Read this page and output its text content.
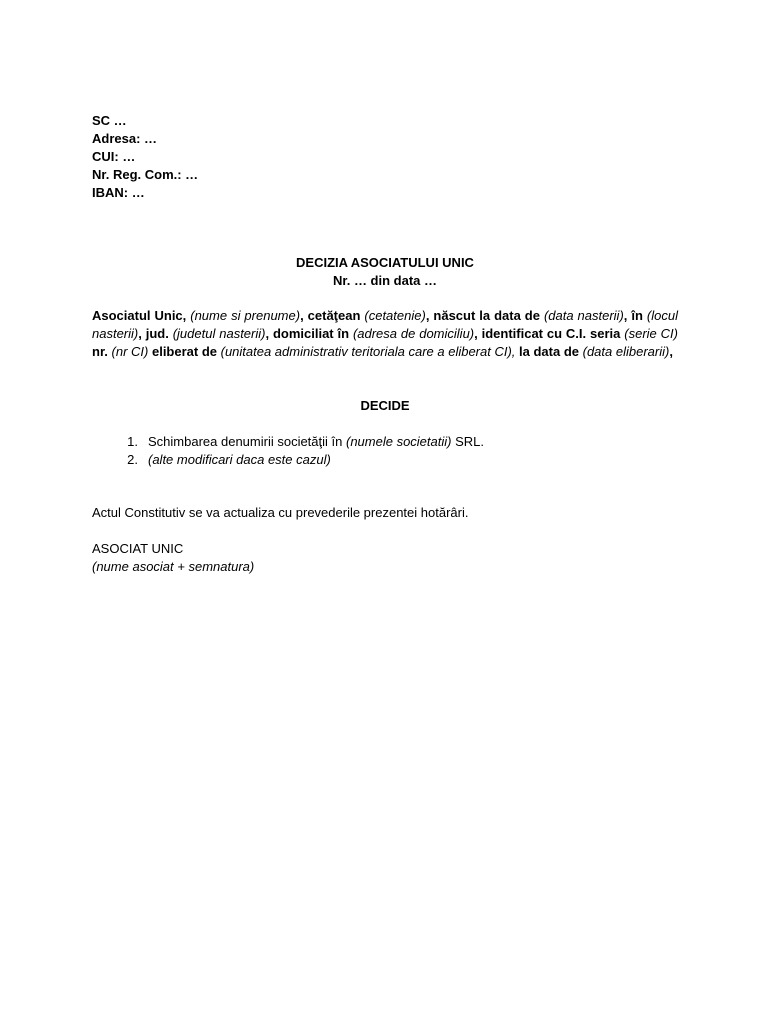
SC …
Adresa: …
CUI: …
Nr. Reg. Com.: …
IBAN: …
DECIZIA ASOCIATULUI UNIC
Nr. … din data …
Asociatul Unic, (nume si prenume), cetăţean (cetatenie), născut la data de (data nasterii), în (locul nasterii), jud. (judetul nasterii), domiciliat în (adresa de domiciliu), identificat cu C.I. seria (serie CI) nr. (nr CI) eliberat de (unitatea administrativ teritoriala care a eliberat CI), la data de (data eliberarii),
DECIDE
1. Schimbarea denumirii societăţii în (numele societatii) SRL.
2. (alte modificari daca este cazul)
Actul Constitutiv se va actualiza cu prevederile prezentei hotărâri.
ASOCIAT UNIC
(nume asociat + semnatura)
